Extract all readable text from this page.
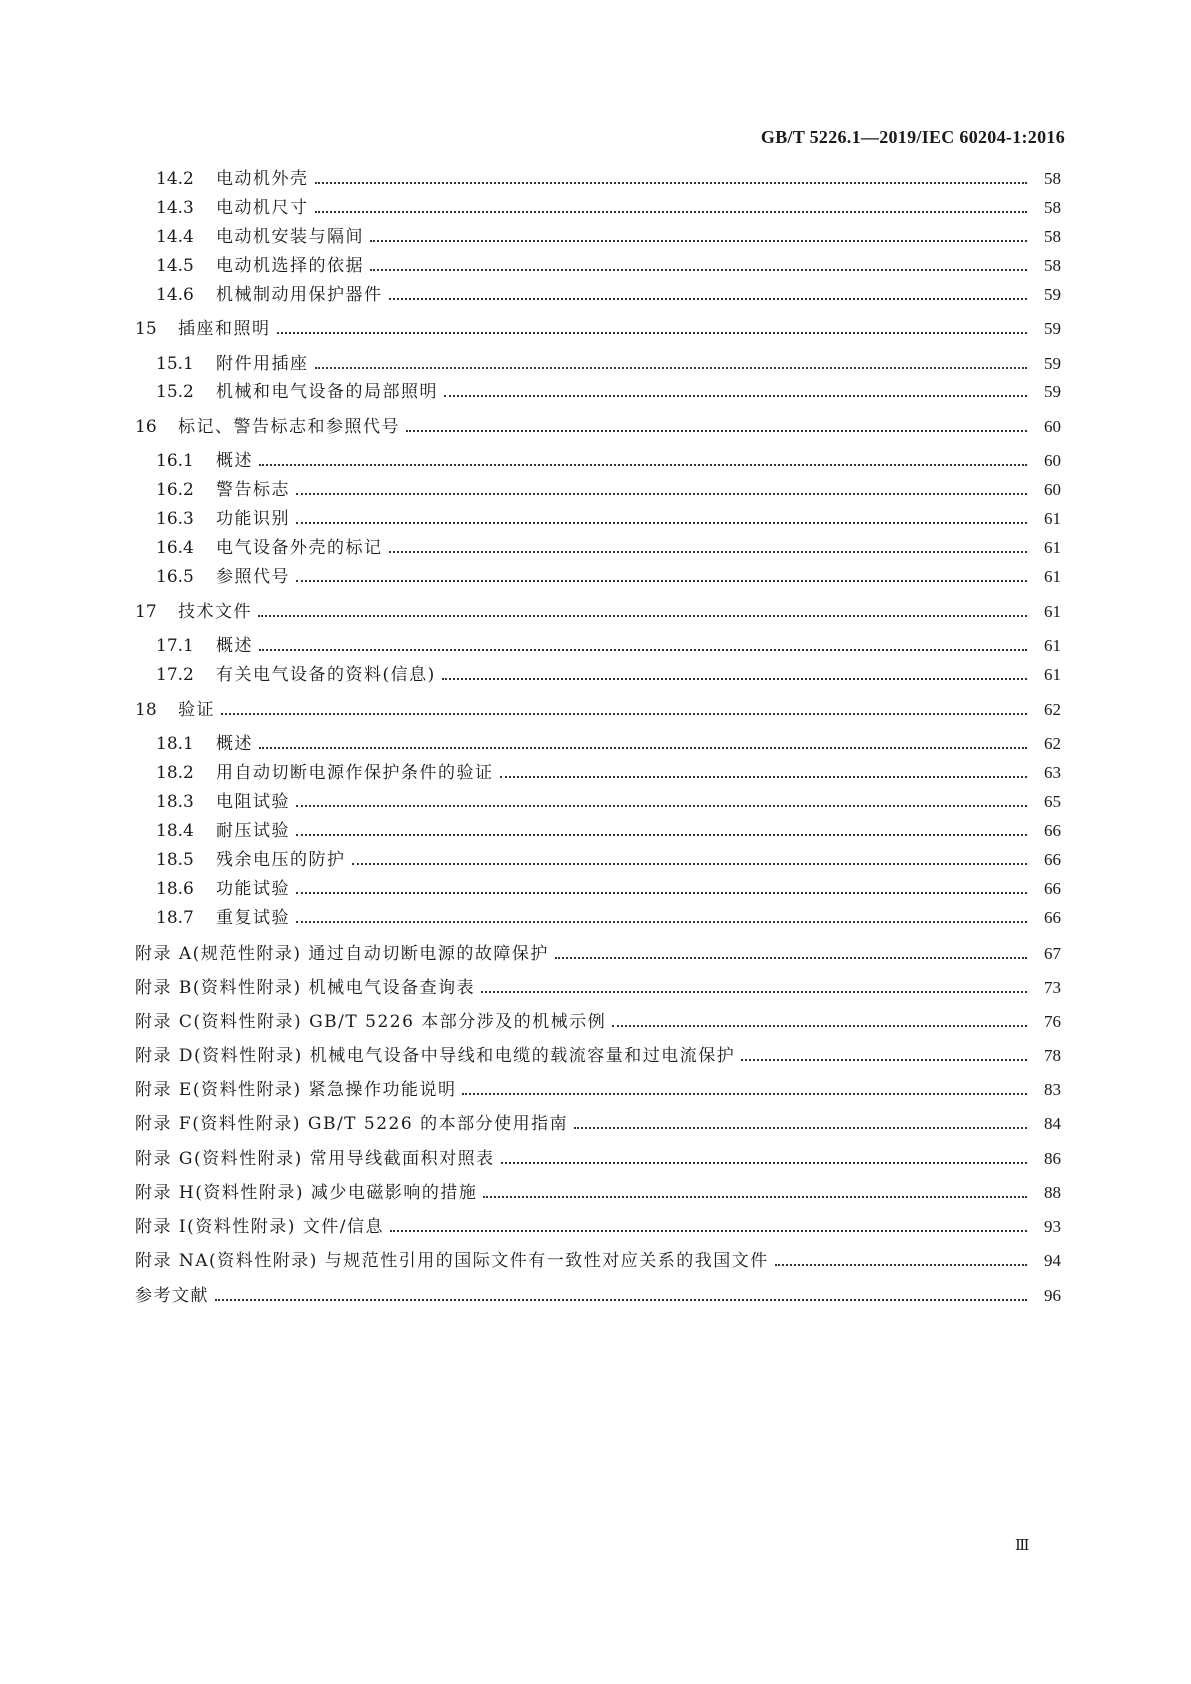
GB/T 5226.1—2019/IEC 60204-1:2016
14.2	电动机外壳	58
14.3	电动机尺寸	58
14.4	电动机安装与隔间	58
14.5	电动机选择的依据	58
14.6	机械制动用保护器件	59
15	插座和照明	59
15.1	附件用插座	59
15.2	机械和电气设备的局部照明	59
16	标记、警告标志和参照代号	60
16.1	概述	60
16.2	警告标志	60
16.3	功能识别	61
16.4	电气设备外壳的标记	61
16.5	参照代号	61
17	技术文件	61
17.1	概述	61
17.2	有关电气设备的资料(信息)	61
18	验证	62
18.1	概述	62
18.2	用自动切断电源作保护条件的验证	63
18.3	电阻试验	65
18.4	耐压试验	66
18.5	残余电压的防护	66
18.6	功能试验	66
18.7	重复试验	66
附录 A(规范性附录) 通过自动切断电源的故障保护	67
附录 B(资料性附录) 机械电气设备查询表	73
附录 C(资料性附录) GB/T 5226 本部分涉及的机械示例	76
附录 D(资料性附录) 机械电气设备中导线和电缆的载流容量和过电流保护	78
附录 E(资料性附录) 紧急操作功能说明	83
附录 F(资料性附录) GB/T 5226 的本部分使用指南	84
附录 G(资料性附录) 常用导线截面积对照表	86
附录 H(资料性附录) 减少电磁影响的措施	88
附录 I(资料性附录) 文件/信息	93
附录 NA(资料性附录) 与规范性引用的国际文件有一致性对应关系的我国文件	94
参考文献	96
Ⅲ
